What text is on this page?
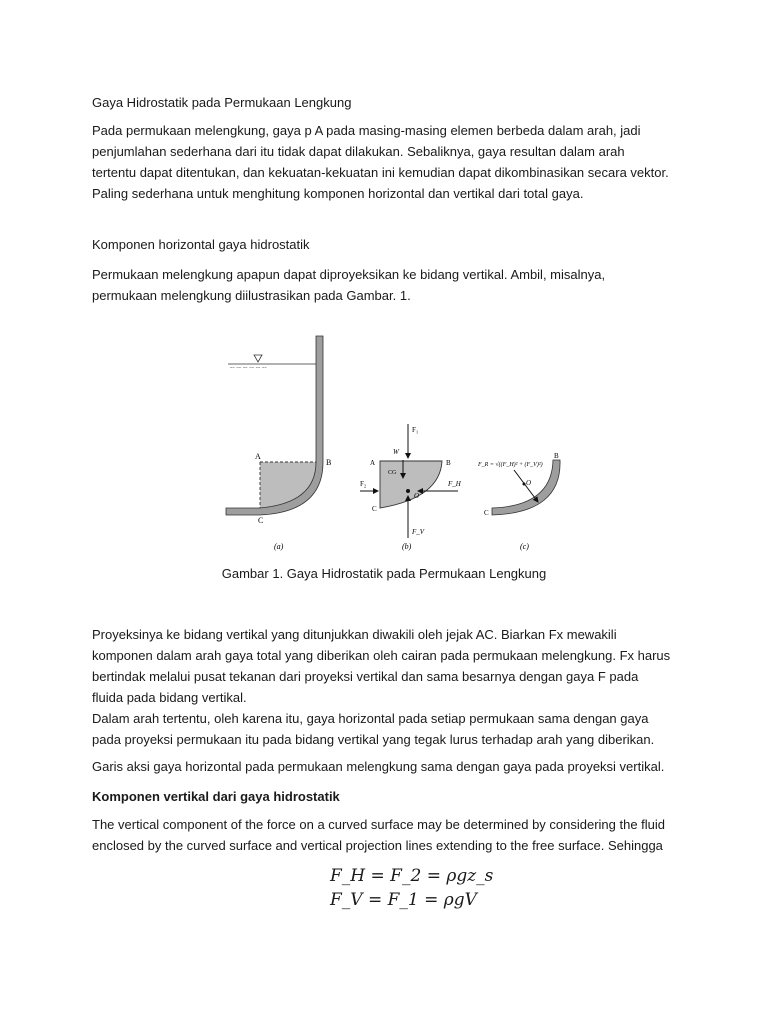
Gaya Hidrostatik pada Permukaan Lengkung

Pada permukaan melengkung, gaya p A pada masing-masing elemen berbeda dalam arah, jadi penjumlahan sederhana dari itu tidak dapat dilakukan. Sebaliknya, gaya resultan dalam arah tertentu dapat ditentukan, dan kekuatan-kekuatan ini kemudian dapat dikombinasikan secara vektor. Paling sederhana untuk menghitung komponen horizontal dan vertikal dari total gaya.

Komponen horizontal gaya hidrostatik

Permukaan melengkung apapun dapat diproyeksikan ke bidang vertikal. Ambil, misalnya, permukaan melengkung diilustrasikan pada Gambar. 1.

˘˘ ˘˘ ˘˘ ˘˘ ˘˘ ˘˘
A
B
C
(a)
F₁
W
CG
F₂	F_H
O
F_V
A	B
C
(b)
O
F_R = √((F_H)² + (F_V)²)
B
C
(c)

Gambar 1. Gaya Hidrostatik pada Permukaan Lengkung

Proyeksinya ke bidang vertikal yang ditunjukkan diwakili oleh jejak AC. Biarkan Fx mewakili komponen dalam arah gaya total yang diberikan oleh cairan pada permukaan melengkung. Fx harus bertindak melalui pusat tekanan dari proyeksi vertikal dan sama besarnya dengan gaya F pada fluida pada bidang vertikal.

Dalam arah tertentu, oleh karena itu, gaya horizontal pada setiap permukaan sama dengan gaya pada proyeksi permukaan itu pada bidang vertikal yang tegak lurus terhadap arah yang diberikan.

Garis aksi gaya horizontal pada permukaan melengkung sama dengan gaya pada proyeksi vertikal.

Komponen vertikal dari gaya hidrostatik

The vertical component of the force on a curved surface may be determined by considering the fluid enclosed by the curved surface and vertical projection lines extending to the free surface. Sehingga

F_H = F_2 = ρgz_s

F_V = F_1 = ρgV
